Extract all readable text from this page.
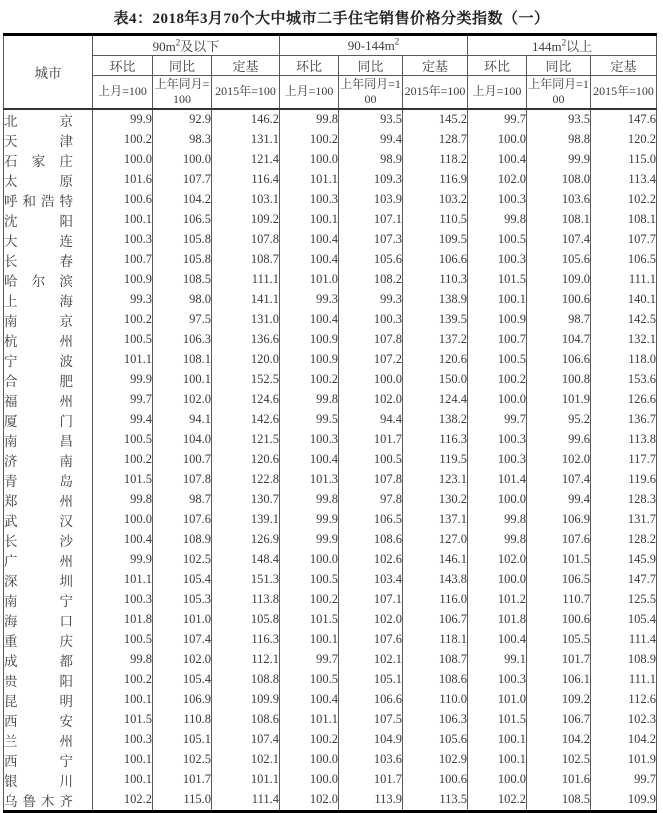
表4：2018年3月70个大中城市二手住宅销售价格分类指数（一）
城市	$90m^2$及以下			$90-144m^2$			$144m^2$以上		
	环比	同比	定基	环比	同比	定基	环比	同比	定基
	上月=100	上年同月=100	2015年=100	上月=100	上年同月=100	2015年=100	上月=100	上年同月=100	2015年=100
北京	99.9	92.9	146.2	99.8	93.5	145.2	99.7	93.5	147.6
天津	100.2	98.3	131.1	100.2	99.4	128.7	100.0	98.8	120.2
石家庄	100.0	100.0	121.4	100.0	98.9	118.2	100.4	99.9	115.0
太原	101.6	107.7	116.4	101.1	109.3	116.9	102.0	108.0	113.4
呼和浩特	100.6	104.2	103.1	100.3	103.9	103.2	100.3	103.6	102.2
沈阳	100.1	106.5	109.2	100.1	107.1	110.5	99.8	108.1	108.1
大连	100.3	105.8	107.8	100.4	107.3	109.5	100.5	107.4	107.7
长春	100.7	105.8	108.7	100.4	105.6	106.6	100.3	105.6	106.5
哈尔滨	100.9	108.5	111.1	101.0	108.2	110.3	101.5	109.0	111.1
上海	99.3	98.0	141.1	99.3	99.3	138.9	100.1	100.6	140.1
南京	100.2	97.5	131.0	100.4	100.3	139.5	100.9	98.7	142.5
杭州	100.5	106.3	136.6	100.9	107.8	137.2	100.7	104.7	132.1
宁波	101.1	108.1	120.0	100.9	107.2	120.6	100.5	106.6	118.0
合肥	99.9	100.1	152.5	100.2	100.0	150.0	100.2	100.8	153.6
福州	99.7	102.0	124.6	99.8	102.0	124.4	100.0	101.9	126.6
厦门	99.4	94.1	142.6	99.5	94.4	138.2	99.7	95.2	136.7
南昌	100.5	104.0	121.5	100.3	101.7	116.3	100.3	99.6	113.8
济南	100.2	100.7	120.6	100.4	100.5	119.5	100.3	102.0	117.7
青岛	101.5	107.8	122.8	101.3	107.8	123.1	101.4	107.4	119.6
郑州	99.8	98.7	130.7	99.8	97.8	130.2	100.0	99.4	128.3
武汉	100.0	107.6	139.1	99.9	106.5	137.1	99.8	106.9	131.7
长沙	100.4	108.9	126.9	99.9	108.6	127.0	99.8	107.6	128.2
广州	99.9	102.5	148.4	100.0	102.6	146.1	102.0	101.5	145.9
深圳	101.1	105.4	151.3	100.5	103.4	143.8	100.0	106.5	147.7
南宁	100.3	105.3	113.8	100.2	107.1	116.0	101.2	110.7	125.5
海口	101.8	101.0	105.8	101.5	102.0	106.7	101.8	100.6	105.4
重庆	100.5	107.4	116.3	100.1	107.6	118.1	100.4	105.5	111.4
成都	99.8	102.0	112.1	99.7	102.1	108.7	99.1	101.7	108.9
贵阳	100.2	105.4	108.8	100.5	105.1	108.6	100.3	106.1	111.1
昆明	100.1	106.9	109.9	100.4	106.6	110.0	101.0	109.2	112.6
西安	101.5	110.8	108.6	101.1	107.5	106.3	101.5	106.7	102.3
兰州	100.3	105.1	107.4	100.2	104.9	105.6	100.1	104.2	104.2
西宁	100.1	102.5	102.1	100.0	103.6	102.9	100.1	102.5	101.9
银川	100.1	101.7	101.1	100.0	101.7	100.6	100.0	101.6	99.7
乌鲁木齐	102.2	115.0	111.4	102.0	113.9	113.5	102.2	108.5	109.9
